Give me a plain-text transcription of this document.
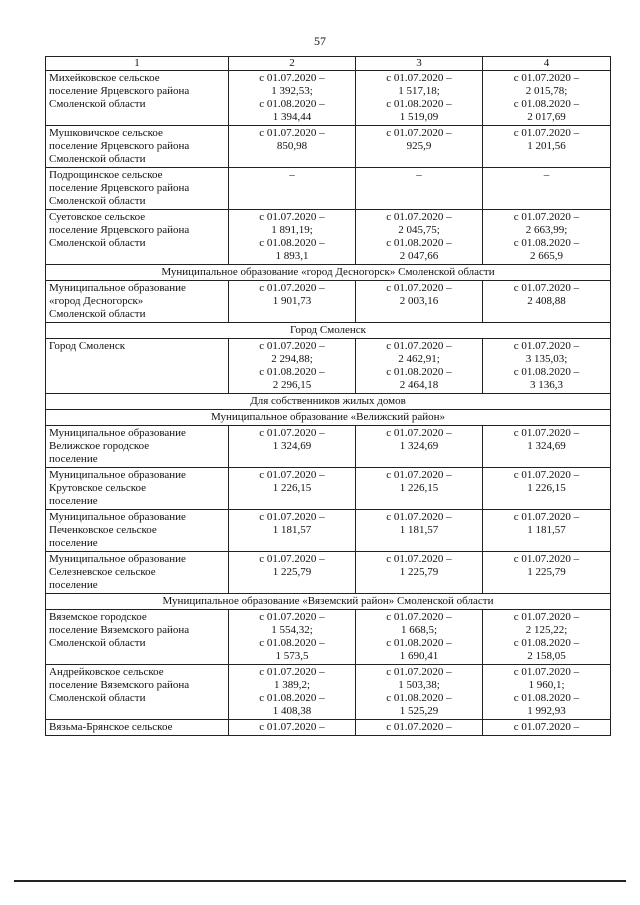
57
1	2	3	4

Михейковское сельское
поселение Ярцевского района
Смоленской области	с 01.07.2020 –
1 392,53;
с 01.08.2020 –
1 394,44	с 01.07.2020 –
1 517,18;
с 01.08.2020 –
1 519,09	с 01.07.2020 –
2 015,78;
с 01.08.2020 –
2 017,69

Мушковичское сельское
поселение Ярцевского района
Смоленской области	с 01.07.2020 –
850,98	с 01.07.2020 –
925,9	с 01.07.2020 –
1 201,56

Подрощинское сельское
поселение Ярцевского района
Смоленской области	–	–	–

Суетовское сельское
поселение Ярцевского района
Смоленской области	с 01.07.2020 –
1 891,19;
с 01.08.2020 –
1 893,1	с 01.07.2020 –
2 045,75;
с 01.08.2020 –
2 047,66	с 01.07.2020 –
2 663,99;
с 01.08.2020 –
2 665,9

Муниципальное образование «город Десногорск» Смоленской области			

Муниципальное образование
«город Десногорск»
Смоленской области	с 01.07.2020 –
1 901,73	с 01.07.2020 –
2 003,16	с 01.07.2020 –
2 408,88

Город Смоленск			

Город Смоленск	с 01.07.2020 –
2 294,88;
с 01.08.2020 –
2 296,15	с 01.07.2020 –
2 462,91;
с 01.08.2020 –
2 464,18	с 01.07.2020 –
3 135,03;
с 01.08.2020 –
3 136,3

Для собственников жилых домов			
Муниципальное образование «Велижский район»			

Муниципальное образование
Велижское городское
поселение	с 01.07.2020 –
1 324,69	с 01.07.2020 –
1 324,69	с 01.07.2020 –
1 324,69

Муниципальное образование
Крутовское сельское
поселение	с 01.07.2020 –
1 226,15	с 01.07.2020 –
1 226,15	с 01.07.2020 –
1 226,15

Муниципальное образование
Печенковское сельское
поселение	с 01.07.2020 –
1 181,57	с 01.07.2020 –
1 181,57	с 01.07.2020 –
1 181,57

Муниципальное образование
Селезневское сельское
поселение	с 01.07.2020 –
1 225,79	с 01.07.2020 –
1 225,79	с 01.07.2020 –
1 225,79

Муниципальное образование «Вяземский район» Смоленской области			

Вяземское городское
поселение Вяземского района
Смоленской области	с 01.07.2020 –
1 554,32;
с 01.08.2020 –
1 573,5	с 01.07.2020 –
1 668,5;
с 01.08.2020 –
1 690,41	с 01.07.2020 –
2 125,22;
с 01.08.2020 –
2 158,05

Андрейковское сельское
поселение Вяземского района
Смоленской области	с 01.07.2020 –
1 389,2;
с 01.08.2020 –
1 408,38	с 01.07.2020 –
1 503,38;
с 01.08.2020 –
1 525,29	с 01.07.2020 –
1 960,1;
с 01.08.2020 –
1 992,93

Вязьма-Брянское сельское	с 01.07.2020 –	с 01.07.2020 –	с 01.07.2020 –
